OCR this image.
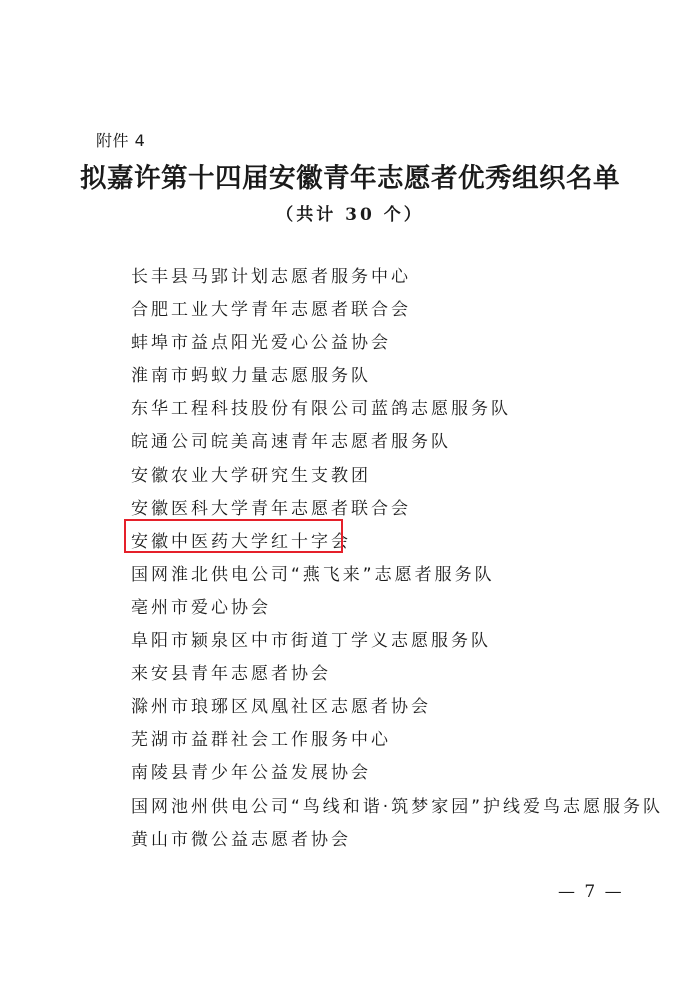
附件 4
拟嘉许第十四届安徽青年志愿者优秀组织名单
（共计 30 个）
长丰县马郢计划志愿者服务中心
合肥工业大学青年志愿者联合会
蚌埠市益点阳光爱心公益协会
淮南市蚂蚁力量志愿服务队
东华工程科技股份有限公司蓝鸽志愿服务队
皖通公司皖美高速青年志愿者服务队
安徽农业大学研究生支教团
安徽医科大学青年志愿者联合会
安徽中医药大学红十字会
国网淮北供电公司“燕飞来”志愿者服务队
亳州市爱心协会
阜阳市颍泉区中市街道丁学义志愿服务队
来安县青年志愿者协会
滁州市琅琊区凤凰社区志愿者协会
芜湖市益群社会工作服务中心
南陵县青少年公益发展协会
国网池州供电公司“鸟线和谐·筑梦家园”护线爱鸟志愿服务队
黄山市微公益志愿者协会
— 7 —
